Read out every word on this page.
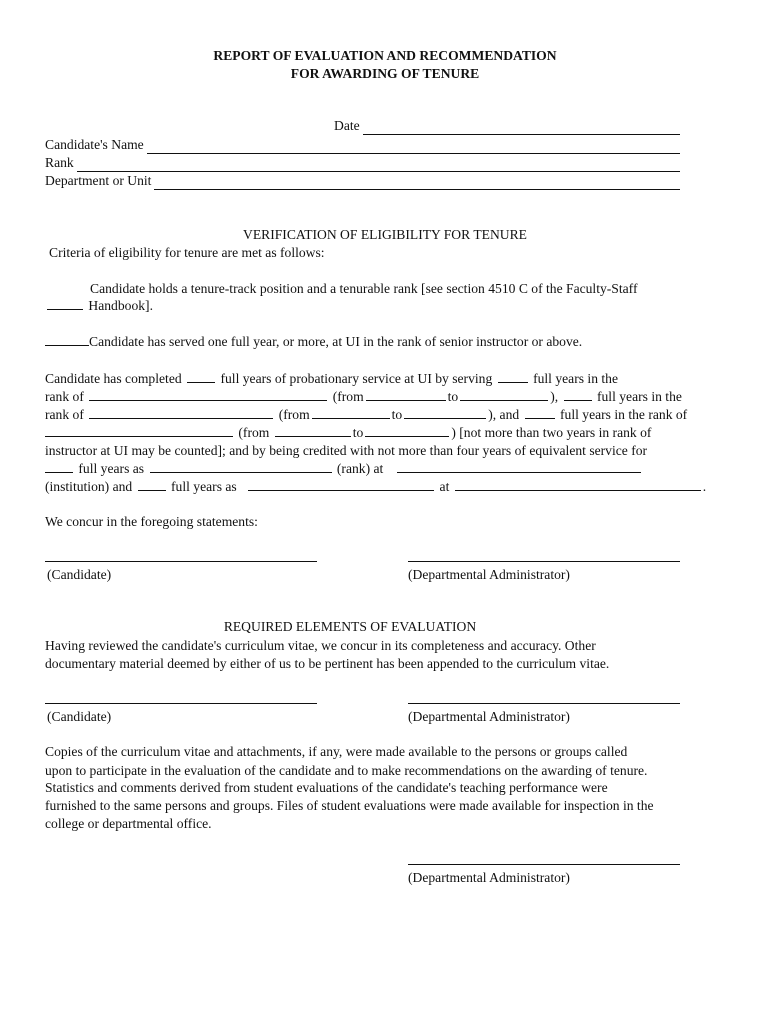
REPORT OF EVALUATION AND RECOMMENDATION
FOR AWARDING OF TENURE
Date
Candidate's Name
Rank
Department or Unit
VERIFICATION OF ELIGIBILITY FOR TENURE
Criteria of eligibility for tenure are met as follows:
Candidate holds a tenure-track position and a tenurable rank [see section 4510 C of the Faculty-Staff
Handbook].
Candidate has served one full year, or more, at UI in the rank of senior instructor or above.
Candidate has completed	full years of probationary service at UI by serving	full years in the
rank of	(from	to	),	full years in the
rank of	(from	to	), and	full years in the rank of
(from	to	) [not more than two years in rank of
instructor at UI may be counted]; and by being credited with not more than four years of equivalent service for
full years as	(rank) at
(institution) and	full years as	at	.
We concur in the foregoing statements:
(Candidate)	(Departmental Administrator)
REQUIRED ELEMENTS OF EVALUATION
Having reviewed the candidate's curriculum vitae, we concur in its completeness and accuracy. Other
documentary material deemed by either of us to be pertinent has been appended to the curriculum vitae.
(Candidate)	(Departmental Administrator)
Copies of the curriculum vitae and attachments, if any, were made available to the persons or groups called
upon to participate in the evaluation of the candidate and to make recommendations on the awarding of tenure.
Statistics and comments derived from student evaluations of the candidate's teaching performance were
furnished to the same persons and groups. Files of student evaluations were made available for inspection in the
college or departmental office.
(Departmental Administrator)
